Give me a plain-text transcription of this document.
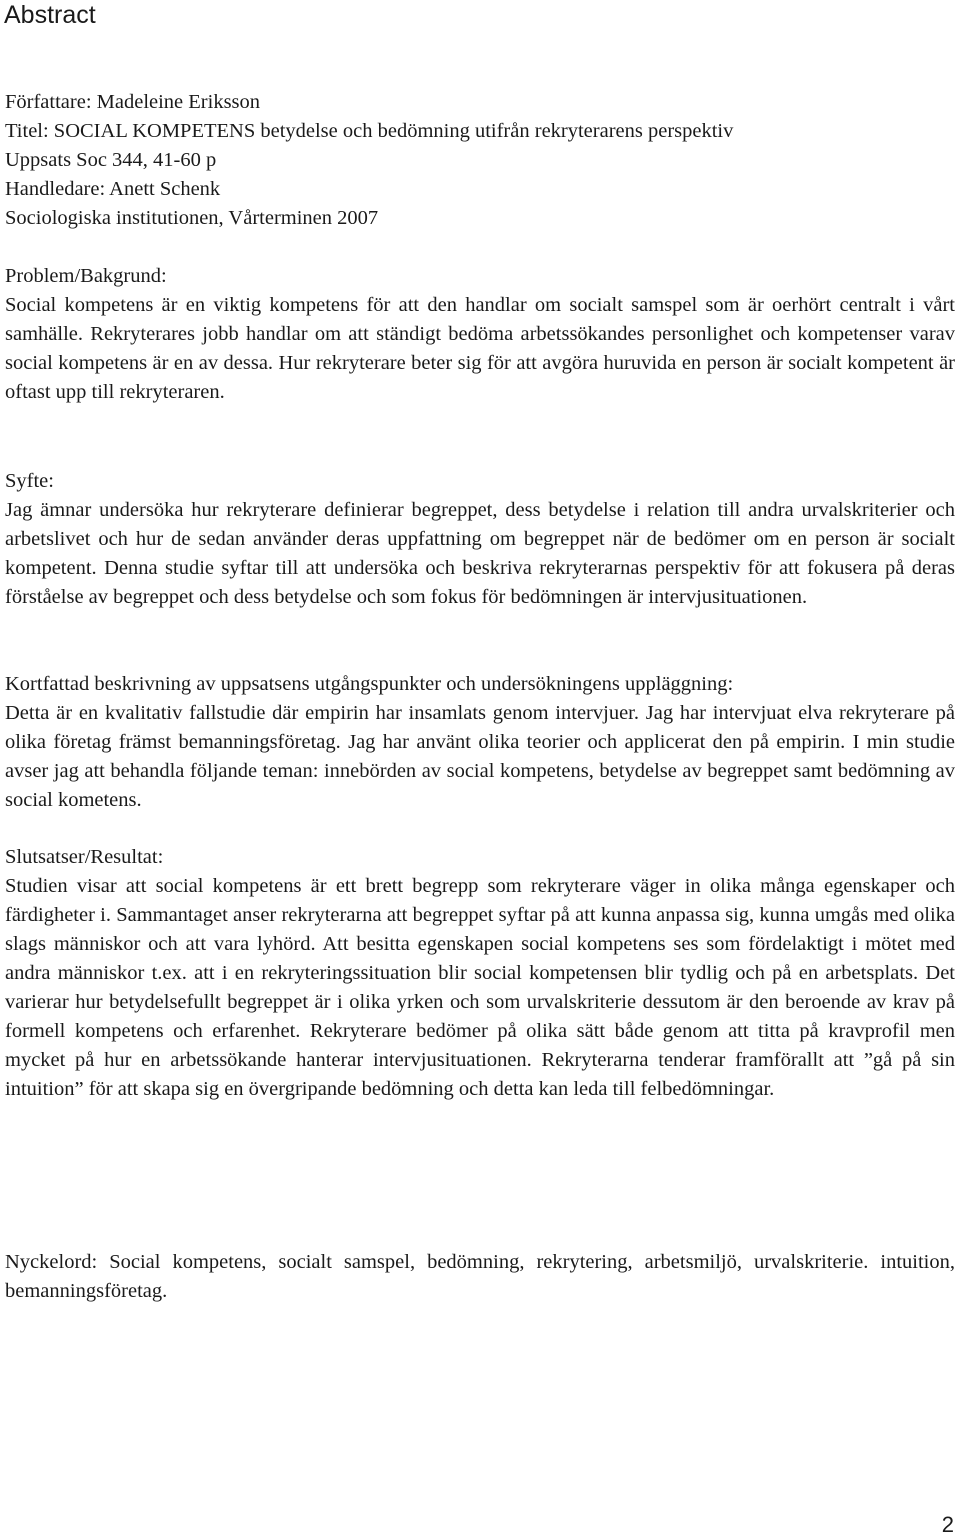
Abstract
Författare: Madeleine Eriksson
Titel: SOCIAL KOMPETENS betydelse och bedömning utifrån rekryterarens perspektiv
Uppsats Soc 344, 41-60 p
Handledare: Anett Schenk
Sociologiska institutionen, Vårterminen 2007
Problem/Bakgrund:
Social kompetens är en viktig kompetens för att den handlar om socialt samspel som är oerhört centralt i vårt samhälle. Rekryterares jobb handlar om att ständigt bedöma arbetssökandes personlighet och kompetenser varav social kompetens är en av dessa. Hur rekryterare beter sig för att avgöra huruvida en person är socialt kompetent är oftast upp till rekryteraren.
Syfte:
Jag ämnar undersöka hur rekryterare definierar begreppet, dess betydelse i relation till andra urvalskriterier och arbetslivet och hur de sedan använder deras uppfattning om begreppet när de bedömer om en person är socialt kompetent. Denna studie syftar till att undersöka och beskriva rekryterarnas perspektiv för att fokusera på deras förståelse av begreppet och dess betydelse och som fokus för bedömningen är intervjusituationen.
Kortfattad beskrivning av uppsatsens utgångspunkter och undersökningens uppläggning:
Detta är en kvalitativ fallstudie där empirin har insamlats genom intervjuer. Jag har intervjuat elva rekryterare på olika företag främst bemanningsföretag. Jag har använt olika teorier och applicerat den på empirin. I min studie avser jag att behandla följande teman: innebörden av social kompetens, betydelse av begreppet samt bedömning av social kometens.
Slutsatser/Resultat:
Studien visar att social kompetens är ett brett begrepp som rekryterare väger in olika många egenskaper och färdigheter i. Sammantaget anser rekryterarna att begreppet syftar på att kunna anpassa sig, kunna umgås med olika slags människor och att vara lyhörd. Att besitta egenskapen social kompetens ses som fördelaktigt i mötet med andra människor t.ex. att i en rekryteringssituation blir social kompetensen blir tydlig och på en arbetsplats. Det varierar hur betydelsefullt begreppet är i olika yrken och som urvalskriterie dessutom är den beroende av krav på formell kompetens och erfarenhet. Rekryterare bedömer på olika sätt både genom att titta på kravprofil men mycket på hur en arbetssökande hanterar intervjusituationen. Rekryterarna tenderar framförallt att ”gå på sin intuition” för att skapa sig en övergripande bedömning och detta kan leda till felbedömningar.
Nyckelord: Social kompetens, socialt samspel, bedömning, rekrytering, arbetsmiljö, urvalskriterie. intuition, bemanningsföretag.
2
